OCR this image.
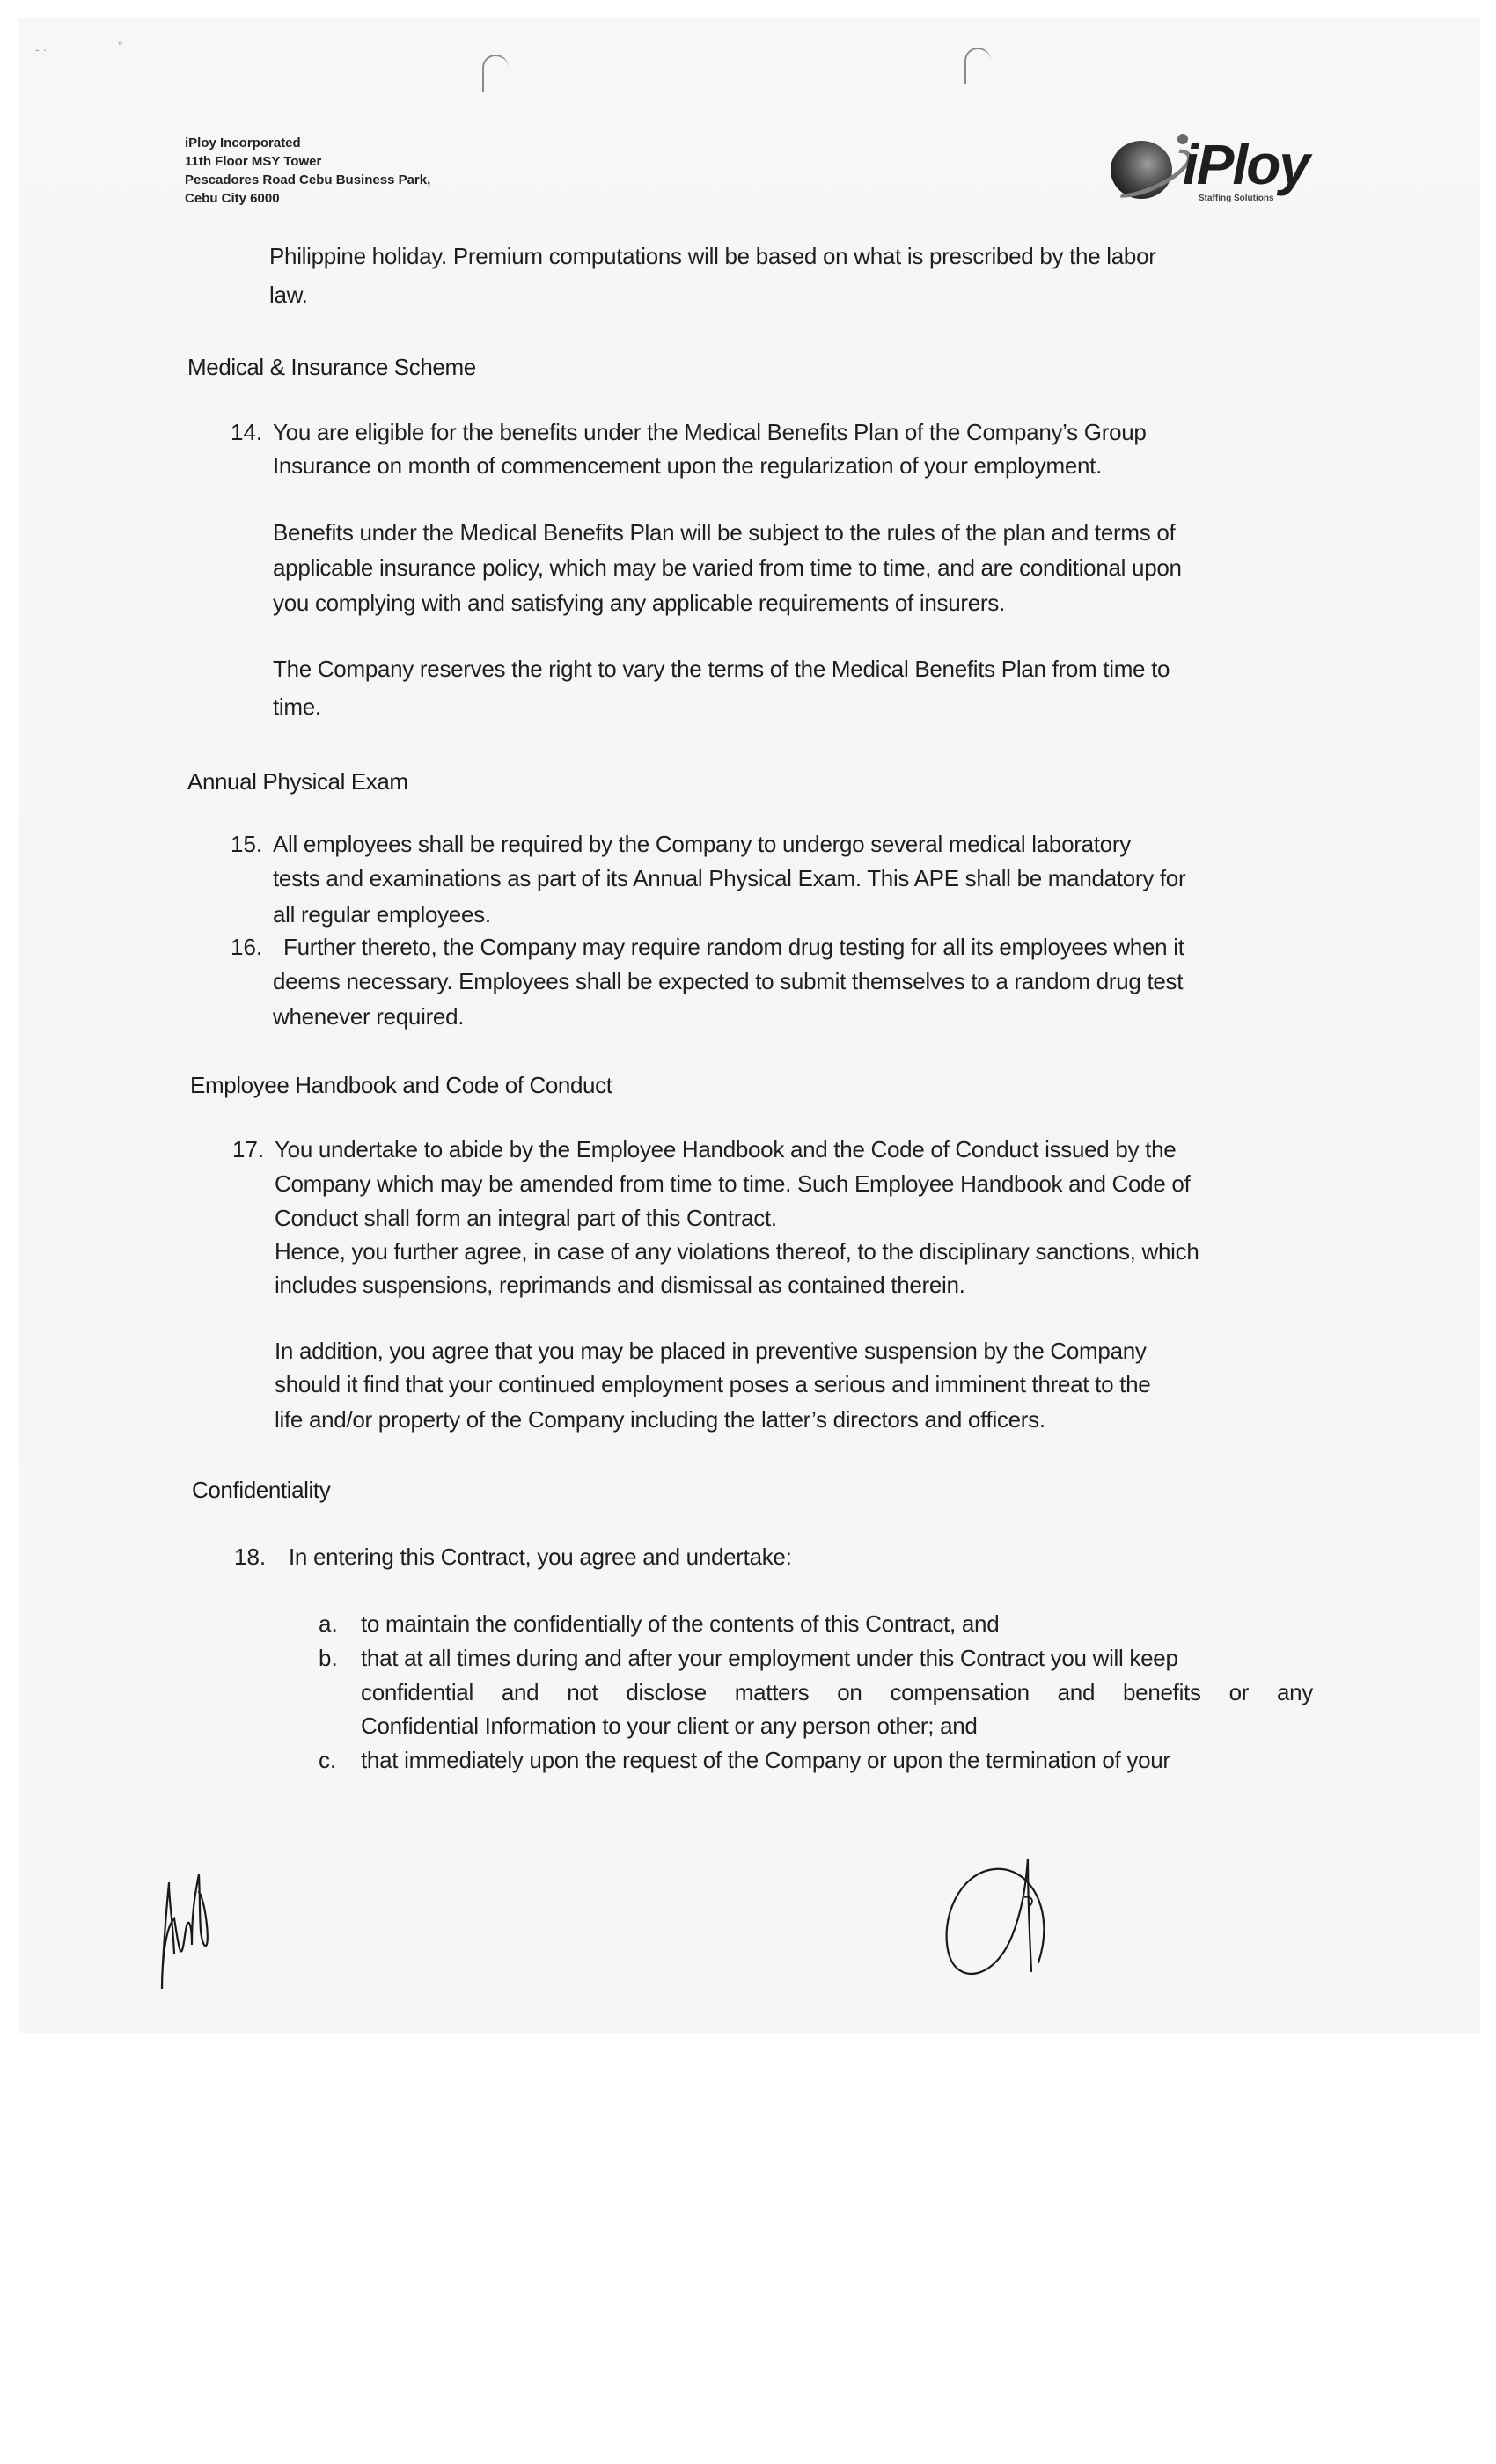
- ·	°
iPloy Incorporated
11th Floor MSY Tower
Pescadores Road Cebu Business Park,
Cebu City 6000
iPloy
Staffing Solutions
Philippine holiday. Premium computations will be based on what is prescribed by the labor
law.
Medical & Insurance Scheme
14. You are eligible for the benefits under the Medical Benefits Plan of the Company’s Group
Insurance on month of commencement upon the regularization of your employment.
Benefits under the Medical Benefits Plan will be subject to the rules of the plan and terms of
applicable insurance policy, which may be varied from time to time, and are conditional upon
you complying with and satisfying any applicable requirements of insurers.
The Company reserves the right to vary the terms of the Medical Benefits Plan from time to
time.
Annual Physical Exam
15. All employees shall be required by the Company to undergo several medical laboratory
tests and examinations as part of its Annual Physical Exam. This APE shall be mandatory for
all regular employees.
16. Further thereto, the Company may require random drug testing for all its employees when it
deems necessary. Employees shall be expected to submit themselves to a random drug test
whenever required.
Employee Handbook and Code of Conduct
17. You undertake to abide by the Employee Handbook and the Code of Conduct issued by the
Company which may be amended from time to time. Such Employee Handbook and Code of
Conduct shall form an integral part of this Contract.
Hence, you further agree, in case of any violations thereof, to the disciplinary sanctions, which
includes suspensions, reprimands and dismissal as contained therein.
In addition, you agree that you may be placed in preventive suspension by the Company
should it find that your continued employment poses a serious and imminent threat to the
life and/or property of the Company including the latter’s directors and officers.
Confidentiality
18. In entering this Contract, you agree and undertake:
a. to maintain the confidentially of the contents of this Contract, and
b. that at all times during and after your employment under this Contract you will keep
confidential and not disclose matters on compensation and benefits or any
Confidential Information to your client or any person other; and
c. that immediately upon the request of the Company or upon the termination of your
